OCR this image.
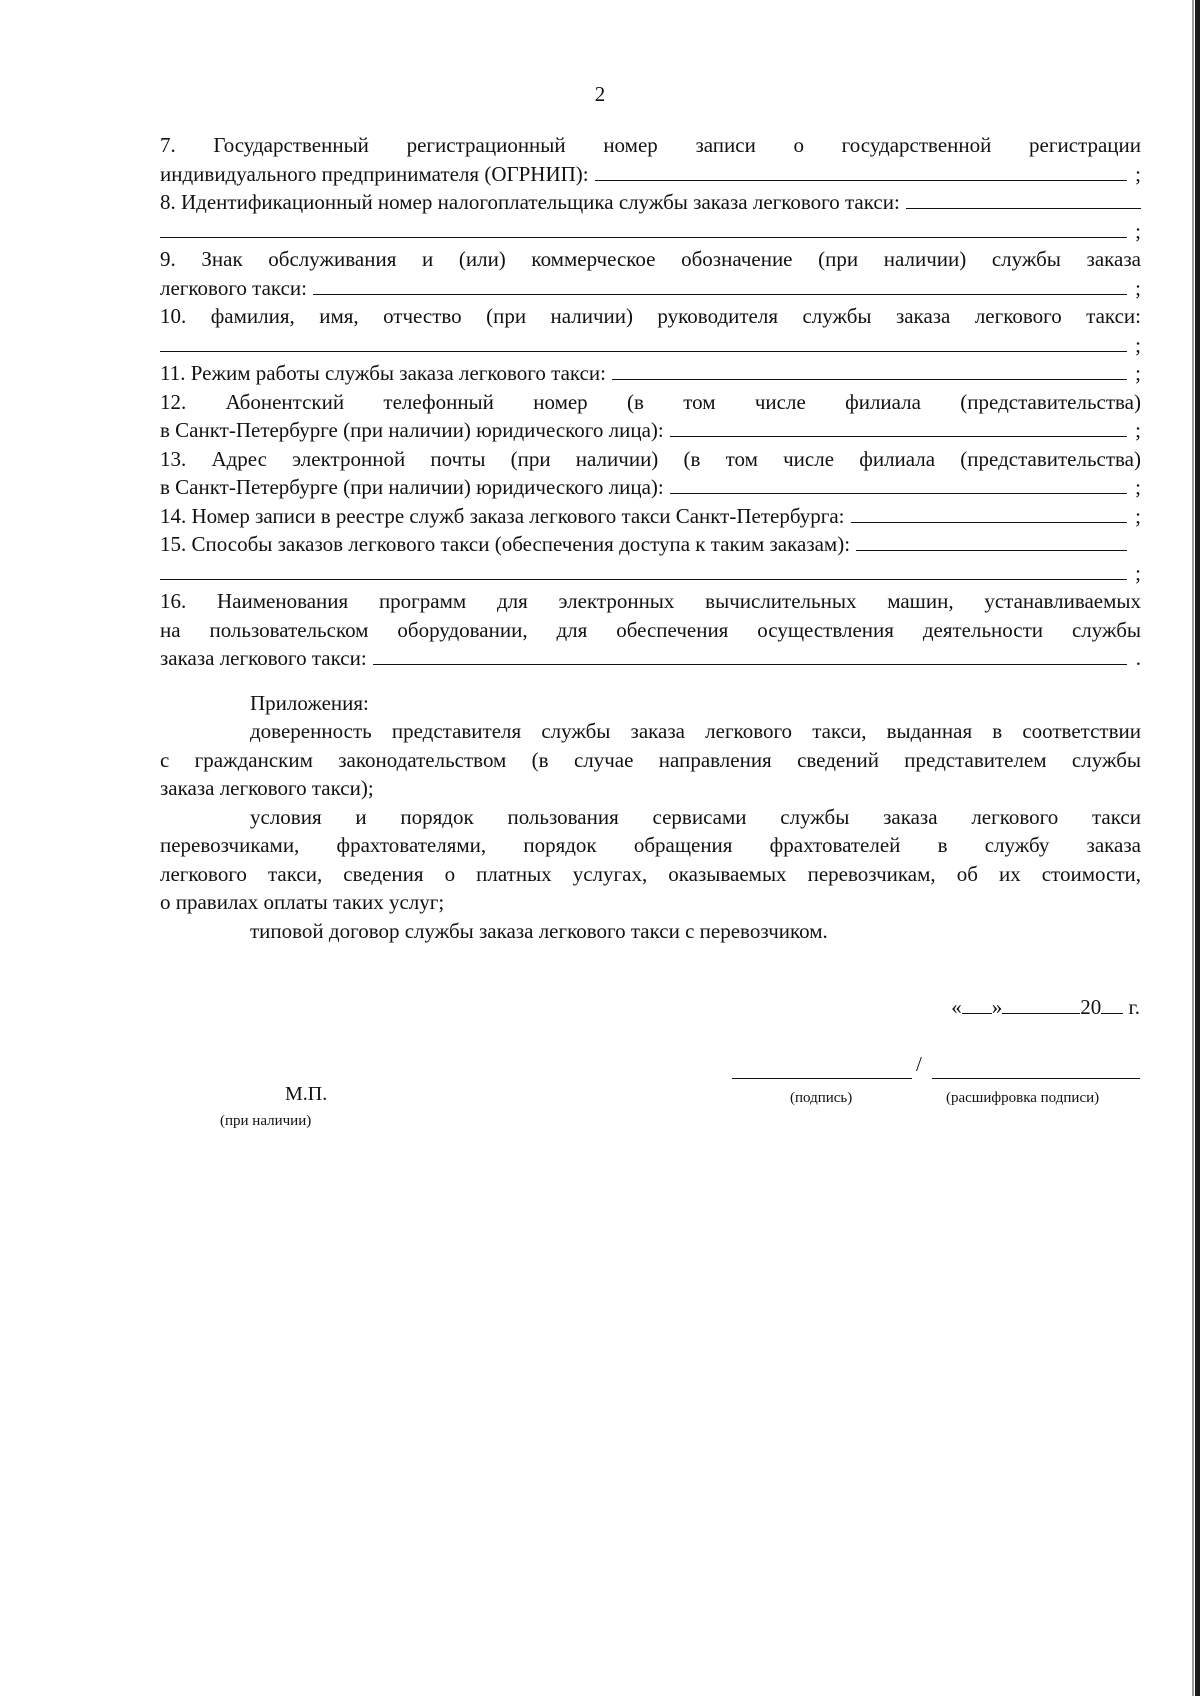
2
7. Государственный регистрационный номер записи о государственной регистрации
индивидуального предпринимателя (ОГРНИП):	;
8. Идентификационный номер налогоплательщика службы заказа легкового такси:
;
9. Знак обслуживания и (или) коммерческое обозначение (при наличии) службы заказа
легкового такси:	;
10. фамилия, имя, отчество (при наличии) руководителя службы заказа легкового такси:
;
11. Режим работы службы заказа легкового такси:	;
12. Абонентский телефонный номер (в том числе филиала (представительства)
в Санкт-Петербурге (при наличии) юридического лица):	;
13. Адрес электронной почты (при наличии) (в том числе филиала (представительства)
в Санкт-Петербурге (при наличии) юридического лица):	;
14. Номер записи в реестре служб заказа легкового такси Санкт-Петербурга:	;
15. Способы заказов легкового такси (обеспечения доступа к таким заказам):
;
16. Наименования программ для электронных вычислительных машин, устанавливаемых
на пользовательском оборудовании, для обеспечения осуществления деятельности службы
заказа легкового такси:	.
Приложения:
доверенность представителя службы заказа легкового такси, выданная в соответствии
с гражданским законодательством (в случае направления сведений представителем службы
заказа легкового такси);
условия и порядок пользования сервисами службы заказа легкового такси
перевозчиками, фрахтователями, порядок обращения фрахтователей в службу заказа
легкового такси, сведения о платных услугах, оказываемых перевозчикам, об их стоимости,
о правилах оплаты таких услуг;
типовой договор службы заказа легкового такси с перевозчиком.
« »	20 г.
/
(подпись)	(расшифровка подписи)
М.П.
(при наличии)
